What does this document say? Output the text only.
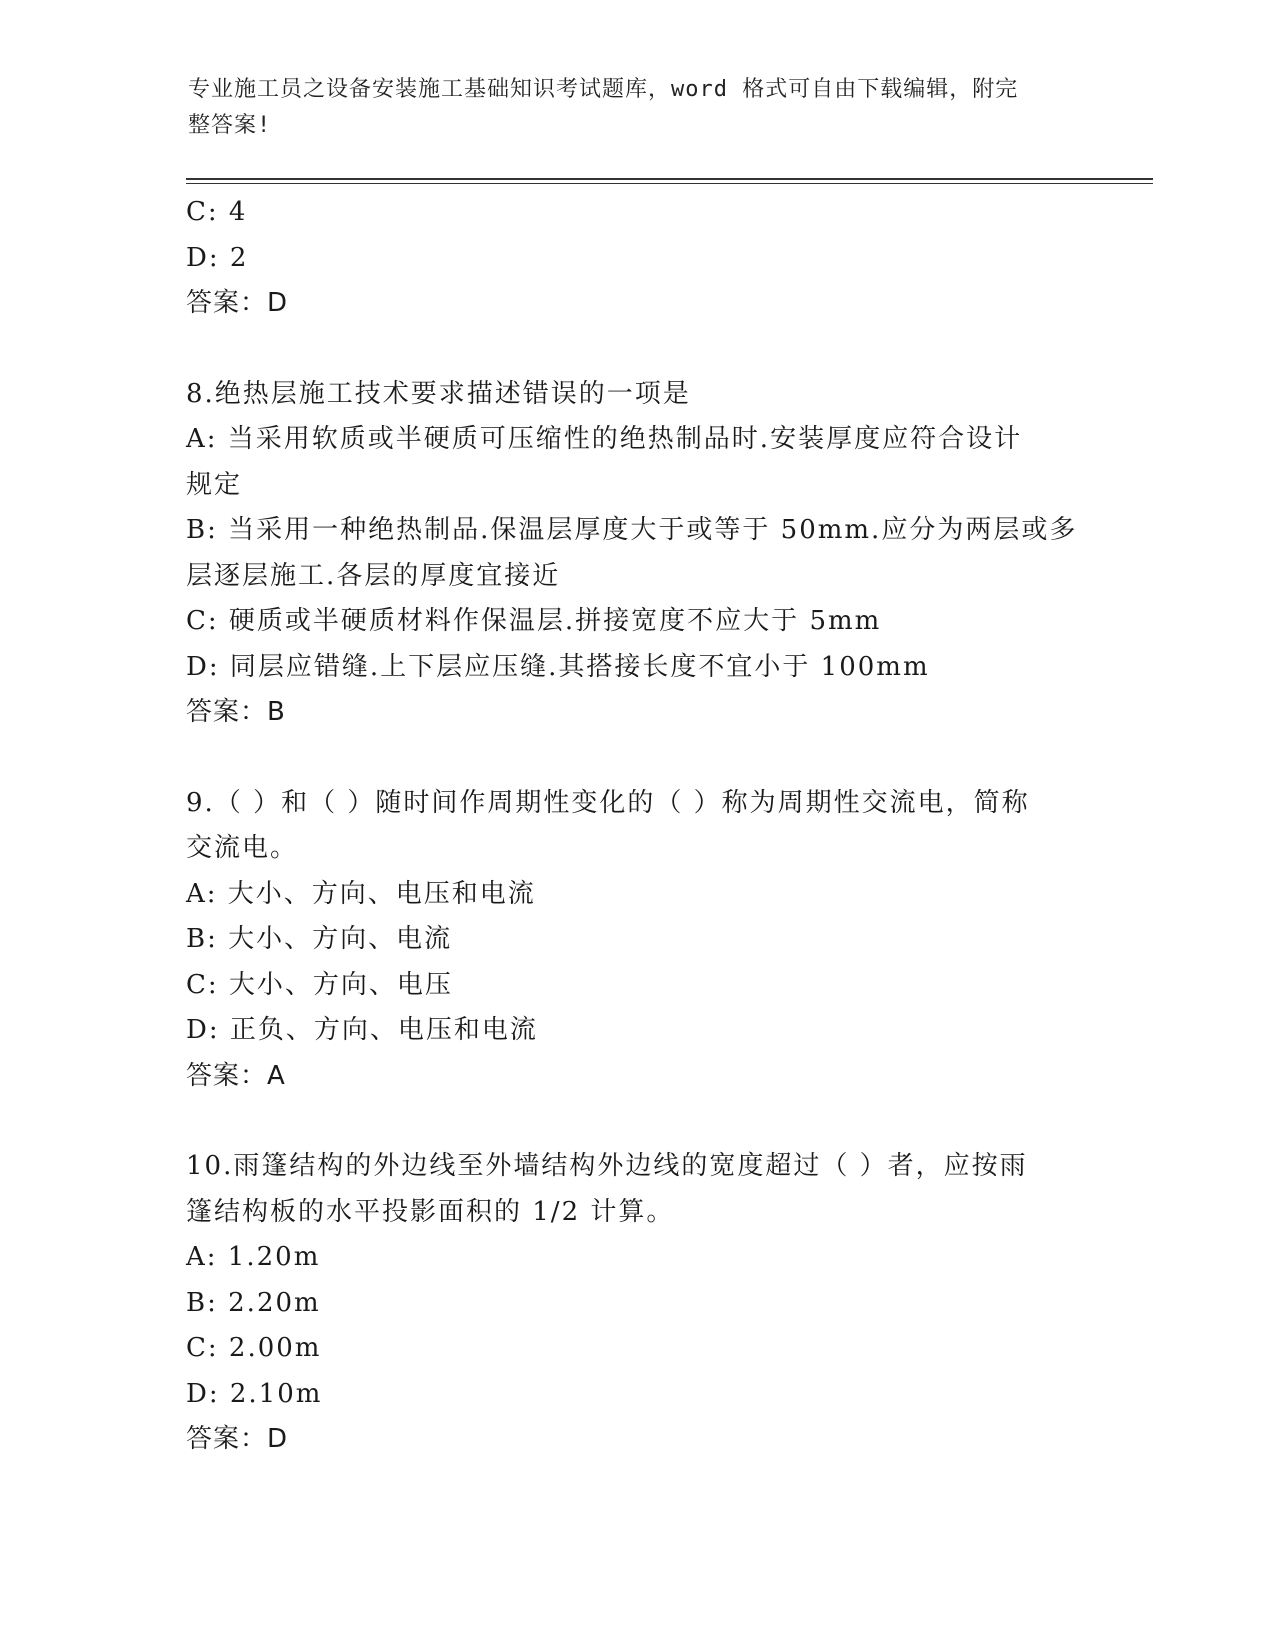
专业施工员之设备安装施工基础知识考试题库，word 格式可自由下载编辑，附完
整答案!
C: 4
D: 2
答案：D
8.绝热层施工技术要求描述错误的一项是
A: 当采用软质或半硬质可压缩性的绝热制品时.安装厚度应符合设计
规定
B: 当采用一种绝热制品.保温层厚度大于或等于 50mm.应分为两层或多
层逐层施工.各层的厚度宜接近
C: 硬质或半硬质材料作保温层.拼接宽度不应大于 5mm
D: 同层应错缝.上下层应压缝.其搭接长度不宜小于 100mm
答案：B
9.（ ）和（ ）随时间作周期性变化的（ ）称为周期性交流电，简称
交流电。
A: 大小、方向、电压和电流
B: 大小、方向、电流
C: 大小、方向、电压
D: 正负、方向、电压和电流
答案：A
10.雨篷结构的外边线至外墙结构外边线的宽度超过（ ）者，应按雨
篷结构板的水平投影面积的 1/2 计算。
A: 1.20m
B: 2.20m
C: 2.00m
D: 2.10m
答案：D
